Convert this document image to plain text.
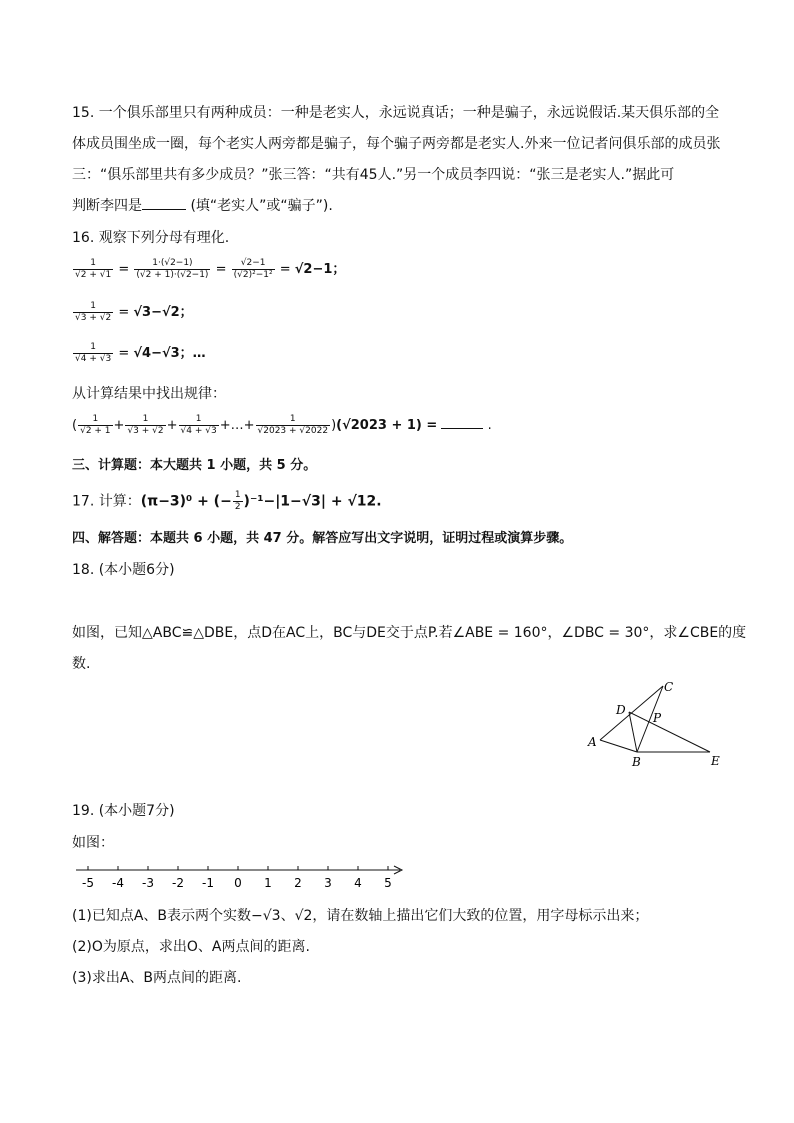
15. 一个俱乐部里只有两种成员：一种是老实人，永远说真话；一种是骗子，永远说假话.某天俱乐部的全
体成员围坐成一圈，每个老实人两旁都是骗子，每个骗子两旁都是老实人.外来一位记者问俱乐部的成员张
三：“俱乐部里共有多少成员？”张三答：“共有45人.”另一个成员李四说：“张三是老实人.”据此可
判断李四是	(填“老实人”或“骗子”).
16. 观察下列分母有理化.
$\frac{1}{√2 + √1} = \frac{1\cdot(√2-1)}{(√2 + 1)\cdot(√2-1)} = \frac{√2-1}{\text{(√2)²−1²}} = √2-1$；
$\frac{1}{√3 + √2} = √3-√2$；
$\frac{1}{√4 + √3} = √4-√3$；…
从计算结果中找出规律：
( $\frac{1}{√2 + 1} + \frac{1}{√3 + √2} + \frac{1}{√4 + √3}$ +…+ $\frac{1}{√2023 + √2022} )(√2023 + 1)$ =	.
三、计算题：本大题共 1 小题，共 5 分。
17. 计算：(π−3)⁰ + (− $\frac{1}{2} )^{-1}-|1-√3| + √12$.
四、解答题：本题共 6 小题，共 47 分。解答应写出文字说明，证明过程或演算步骤。
18. (本小题6分)
如图，已知△ABC≌△DBE，点D在AC上，BC与DE交于点P.若∠ABE = 160°，∠DBC = 30°，求∠CBE的度
数.
A
B
C
D
E
P
19. (本小题7分)
如图：
-5 -4 -3 -2 -1 0 1 2 3 4 5
(1)已知点A、B表示两个实数−√3、√2，请在数轴上描出它们大致的位置，用字母标示出来；
(2)O为原点，求出O、A两点间的距离.
(3)求出A、B两点间的距离.
